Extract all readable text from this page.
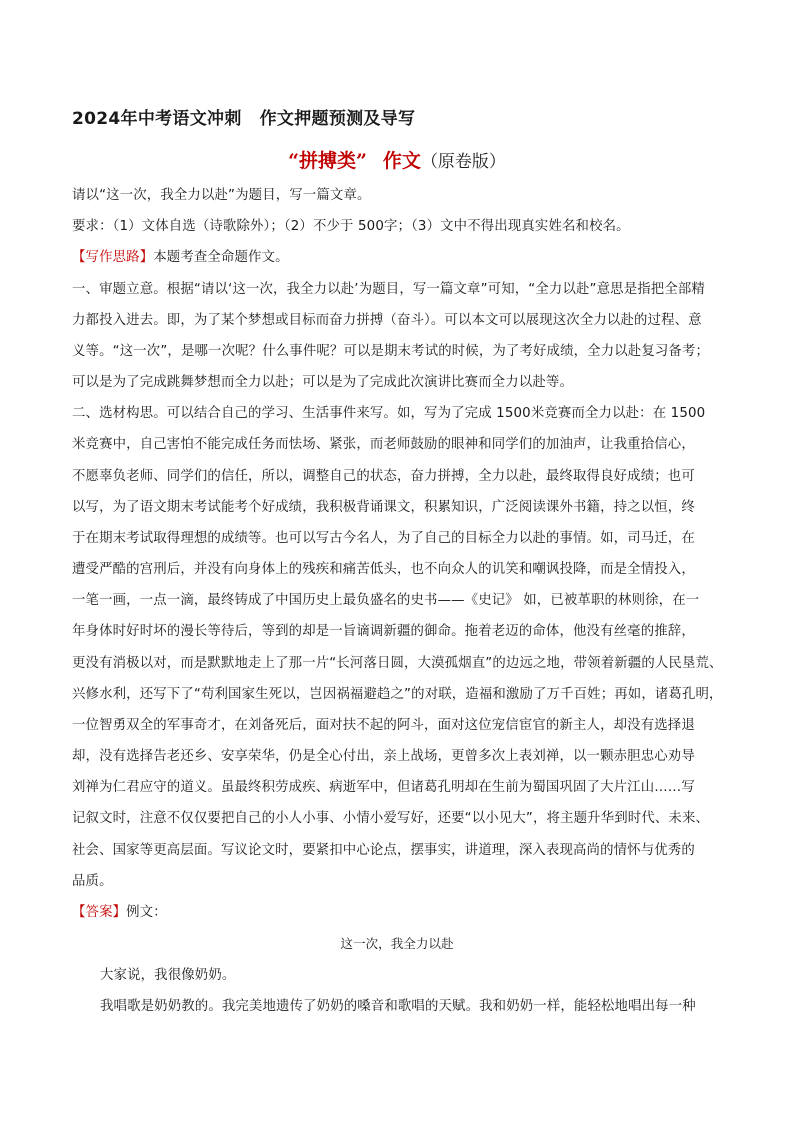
2024年中考语文冲刺 作文押题预测及导写
“拼搏类” 作文（原卷版）
请以“这一次，我全力以赴”为题目，写一篇文章。
要求：（1）文体自选（诗歌除外）；（2）不少于 500字；（3）文中不得出现真实姓名和校名。
【写作思路】本题考查全命题作文。
一、审题立意。根据“请以‘这一次，我全力以赴’为题目，写一篇文章”可知，“全力以赴”意思是指把全部精
力都投入进去。即，为了某个梦想或目标而奋力拼搏（奋斗）。可以本文可以展现这次全力以赴的过程、意
义等。“这一次”，是哪一次呢？什么事件呢？可以是期末考试的时候，为了考好成绩，全力以赴复习备考；
可以是为了完成跳舞梦想而全力以赴；可以是为了完成此次演讲比赛而全力以赴等。
二、选材构思。可以结合自己的学习、生活事件来写。如，写为了完成 1500米竞赛而全力以赴：在 1500
米竞赛中，自己害怕不能完成任务而怯场、紧张，而老师鼓励的眼神和同学们的加油声，让我重拾信心，
不愿辜负老师、同学们的信任，所以，调整自己的状态，奋力拼搏，全力以赴，最终取得良好成绩；也可
以写，为了语文期末考试能考个好成绩，我积极背诵课文，积累知识，广泛阅读课外书籍，持之以恒，终
于在期末考试取得理想的成绩等。也可以写古今名人，为了自己的目标全力以赴的事情。如，司马迁，在
遭受严酷的宫刑后，并没有向身体上的残疾和痛苦低头，也不向众人的讥笑和嘲讽投降，而是全情投入，
一笔一画，一点一滴，最终铸成了中国历史上最负盛名的史书——《史记》 如，已被革职的林则徐，在一
年身体时好时坏的漫长等待后，等到的却是一旨谪调新疆的御命。拖着老迈的命体，他没有丝毫的推辞，
更没有消极以对，而是默默地走上了那一片“长河落日圆，大漠孤烟直”的边远之地，带领着新疆的人民垦荒、
兴修水利，还写下了“苟利国家生死以，岂因祸福避趋之”的对联，造福和激励了万千百姓；再如，诸葛孔明，
一位智勇双全的军事奇才，在刘备死后，面对扶不起的阿斗，面对这位宠信宦官的新主人，却没有选择退
却，没有选择告老还乡、安享荣华，仍是全心付出，亲上战场，更曾多次上表刘禅，以一颗赤胆忠心劝导
刘禅为仁君应守的道义。虽最终积劳成疾、病逝军中，但诸葛孔明却在生前为蜀国巩固了大片江山……写
记叙文时，注意不仅仅要把自己的小人小事、小情小爱写好，还要“以小见大”，将主题升华到时代、未来、
社会、国家等更高层面。写议论文时，要紧扣中心论点，摆事实，讲道理，深入表现高尚的情怀与优秀的
品质。
【答案】例文：
这一次，我全力以赴
大家说，我很像奶奶。
我唱歌是奶奶教的。我完美地遗传了奶奶的嗓音和歌唱的天赋。我和奶奶一样，能轻松地唱出每一种
